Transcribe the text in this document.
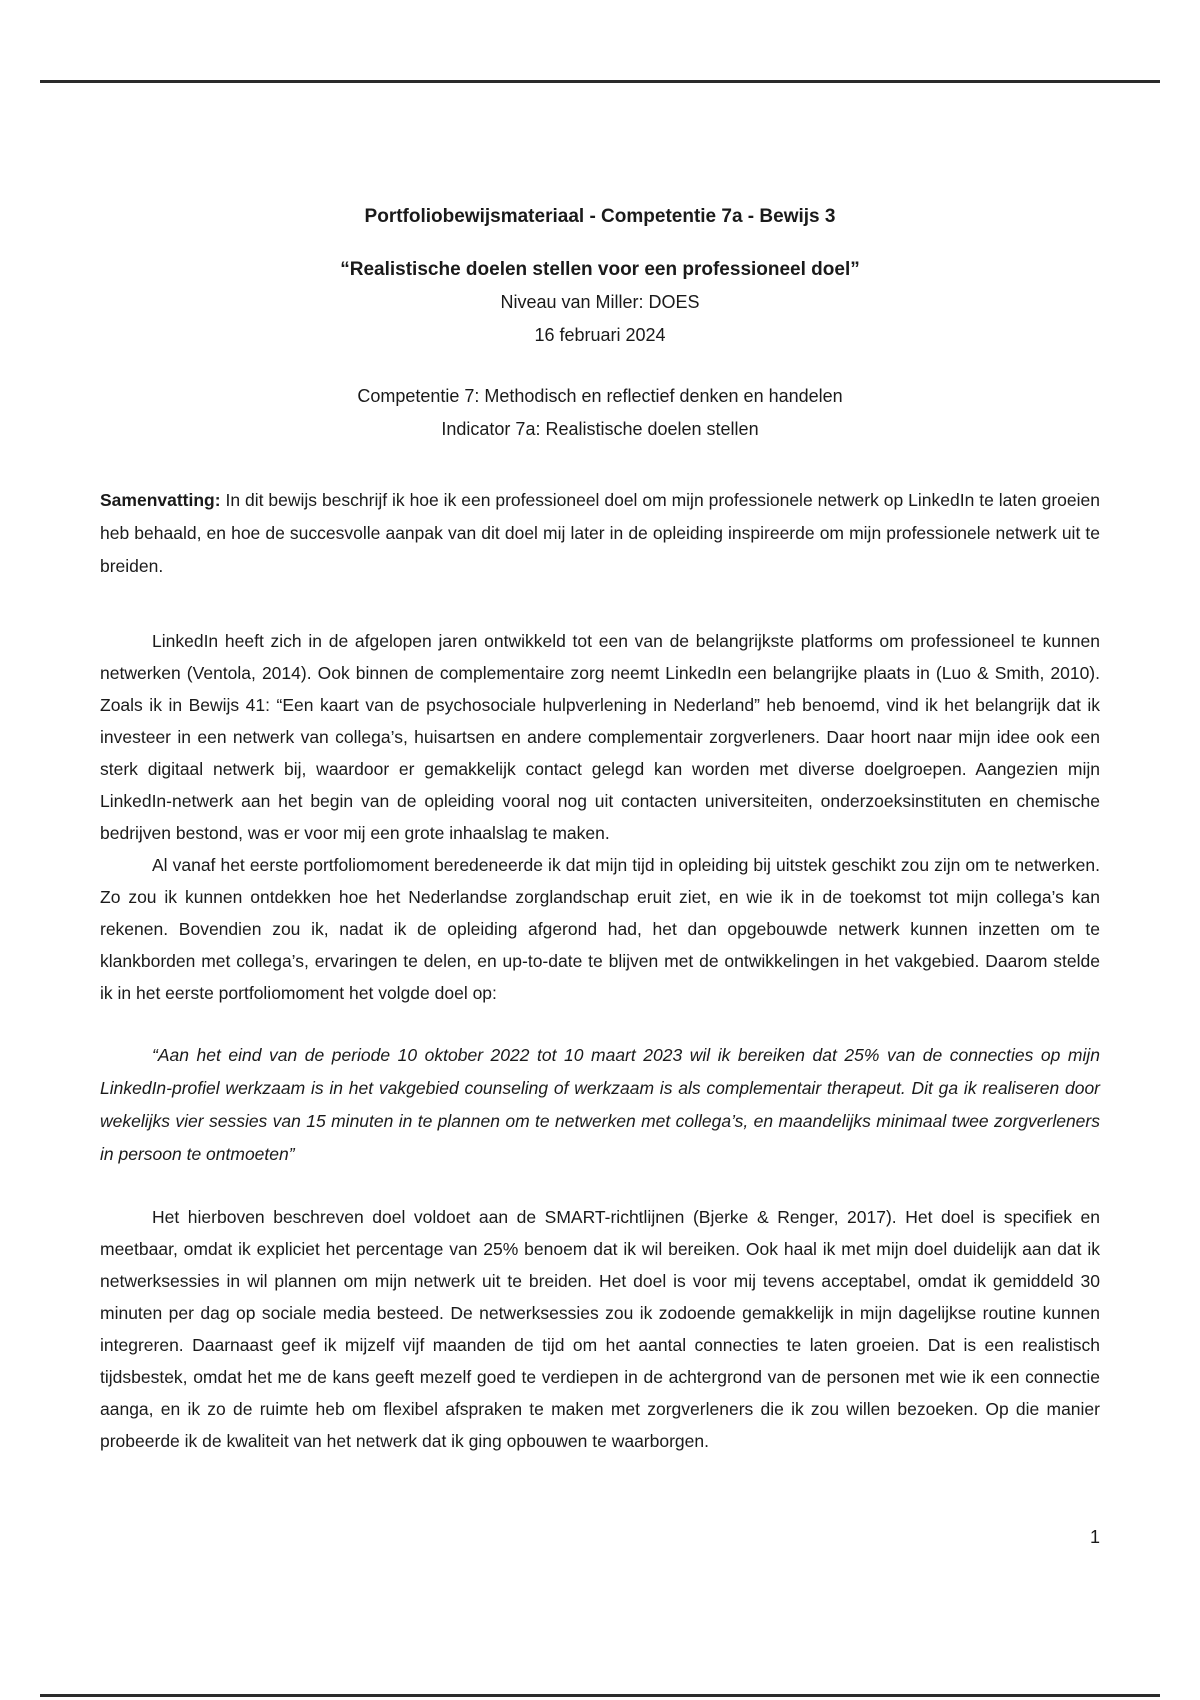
Portfoliobewijsmateriaal - Competentie 7a - Bewijs 3
“Realistische doelen stellen voor een professioneel doel”
Niveau van Miller: DOES
16 februari 2024
Competentie 7: Methodisch en reflectief denken en handelen
Indicator 7a: Realistische doelen stellen
Samenvatting: In dit bewijs beschrijf ik hoe ik een professioneel doel om mijn professionele netwerk op LinkedIn te laten groeien heb behaald, en hoe de succesvolle aanpak van dit doel mij later in de opleiding inspireerde om mijn professionele netwerk uit te breiden.

LinkedIn heeft zich in de afgelopen jaren ontwikkeld tot een van de belangrijkste platforms om professioneel te kunnen netwerken (Ventola, 2014). Ook binnen de complementaire zorg neemt LinkedIn een belangrijke plaats in (Luo & Smith, 2010). Zoals ik in Bewijs 41: “Een kaart van de psychosociale hulpverlening in Nederland” heb benoemd, vind ik het belangrijk dat ik investeer in een netwerk van collega’s, huisartsen en andere complementair zorgverleners. Daar hoort naar mijn idee ook een sterk digitaal netwerk bij, waardoor er gemakkelijk contact gelegd kan worden met diverse doelgroepen. Aangezien mijn LinkedIn-netwerk aan het begin van de opleiding vooral nog uit contacten universiteiten, onderzoeksinstituten en chemische bedrijven bestond, was er voor mij een grote inhaalslag te maken.

Al vanaf het eerste portfoliomoment beredeneerde ik dat mijn tijd in opleiding bij uitstek geschikt zou zijn om te netwerken. Zo zou ik kunnen ontdekken hoe het Nederlandse zorglandschap eruit ziet, en wie ik in de toekomst tot mijn collega’s kan rekenen. Bovendien zou ik, nadat ik de opleiding afgerond had, het dan opgebouwde netwerk kunnen inzetten om te klankborden met collega’s, ervaringen te delen, en up-to-date te blijven met de ontwikkelingen in het vakgebied. Daarom stelde ik in het eerste portfoliomoment het volgde doel op:

“Aan het eind van de periode 10 oktober 2022 tot 10 maart 2023 wil ik bereiken dat 25% van de connecties op mijn LinkedIn-profiel werkzaam is in het vakgebied counseling of werkzaam is als complementair therapeut. Dit ga ik realiseren door wekelijks vier sessies van 15 minuten in te plannen om te netwerken met collega’s, en maandelijks minimaal twee zorgverleners in persoon te ontmoeten”

Het hierboven beschreven doel voldoet aan de SMART-richtlijnen (Bjerke & Renger, 2017). Het doel is specifiek en meetbaar, omdat ik expliciet het percentage van 25% benoem dat ik wil bereiken. Ook haal ik met mijn doel duidelijk aan dat ik netwerksessies in wil plannen om mijn netwerk uit te breiden. Het doel is voor mij tevens acceptabel, omdat ik gemiddeld 30 minuten per dag op sociale media besteed. De netwerksessies zou ik zodoende gemakkelijk in mijn dagelijkse routine kunnen integreren. Daarnaast geef ik mijzelf vijf maanden de tijd om het aantal connecties te laten groeien. Dat is een realistisch tijdsbestek, omdat het me de kans geeft mezelf goed te verdiepen in de achtergrond van de personen met wie ik een connectie aanga, en ik zo de ruimte heb om flexibel afspraken te maken met zorgverleners die ik zou willen bezoeken. Op die manier probeerde ik de kwaliteit van het netwerk dat ik ging opbouwen te waarborgen.

1
